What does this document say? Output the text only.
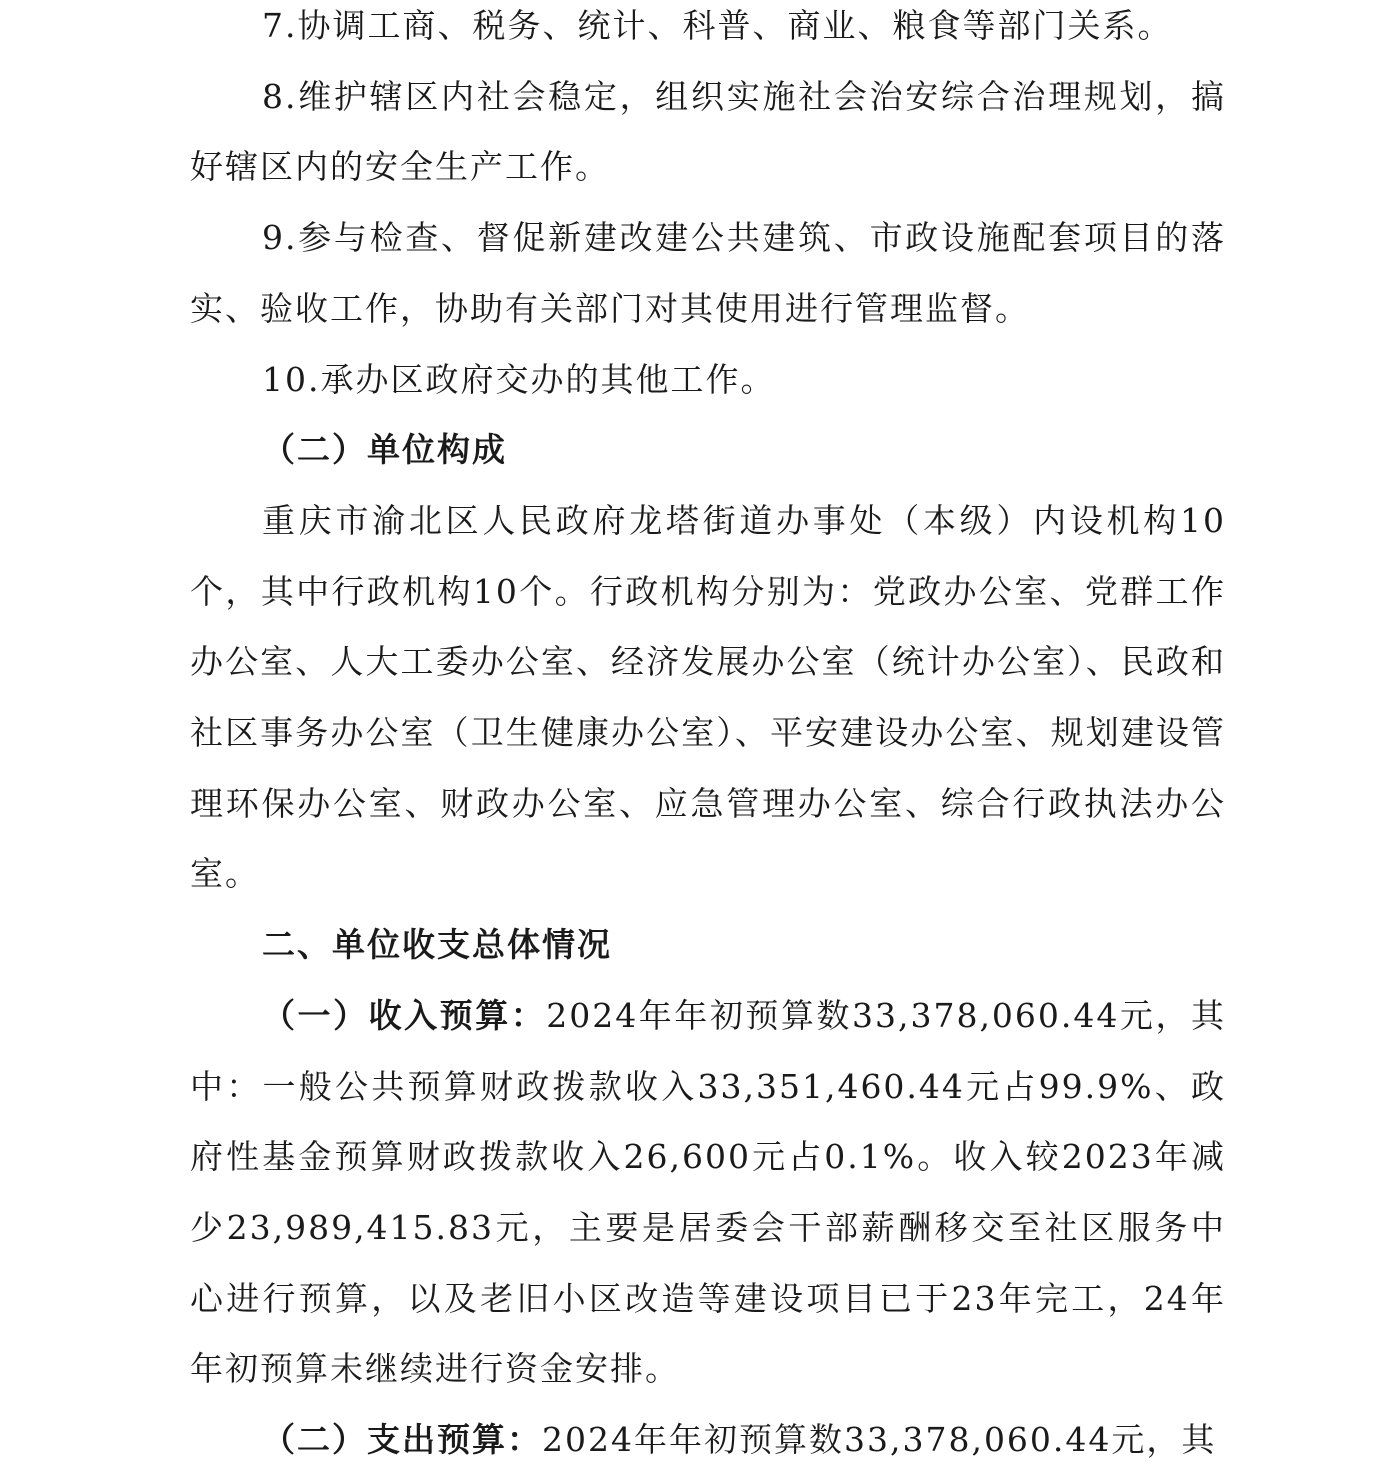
7.协调工商、税务、统计、科普、商业、粮食等部门关系。

8.维护辖区内社会稳定，组织实施社会治安综合治理规划，搞好辖区内的安全生产工作。

9.参与检查、督促新建改建公共建筑、市政设施配套项目的落实、验收工作，协助有关部门对其使用进行管理监督。

10.承办区政府交办的其他工作。

（二）单位构成

重庆市渝北区人民政府龙塔街道办事处（本级）内设机构10个，其中行政机构10个。行政机构分别为：党政办公室、党群工作办公室、人大工委办公室、经济发展办公室（统计办公室）、民政和社区事务办公室（卫生健康办公室）、平安建设办公室、规划建设管理环保办公室、财政办公室、应急管理办公室、综合行政执法办公室。

二、单位收支总体情况

（一）收入预算：2024年年初预算数33,378,060.44元，其中：一般公共预算财政拨款收入33,351,460.44元占99.9%、政府性基金预算财政拨款收入26,600元占0.1%。收入较2023年减少23,989,415.83元，主要是居委会干部薪酬移交至社区服务中心进行预算，以及老旧小区改造等建设项目已于23年完工，24年年初预算未继续进行资金安排。

（二）支出预算：2024年年初预算数33,378,060.44元，其
